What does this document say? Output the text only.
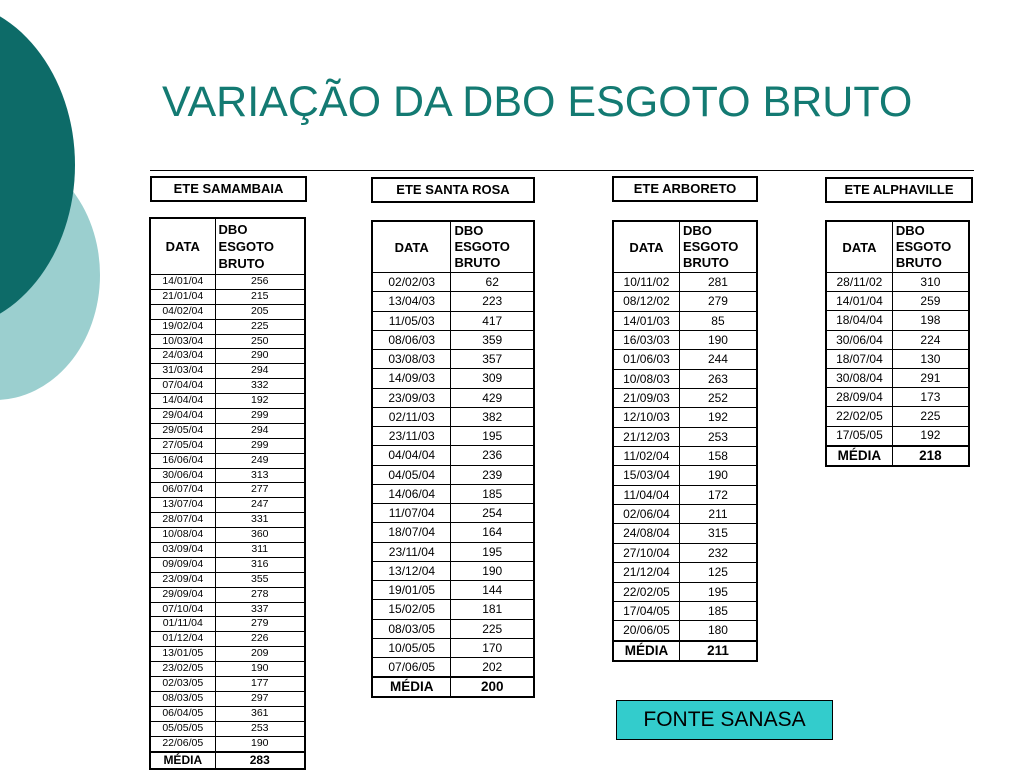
VARIAÇÃO DA DBO ESGOTO BRUTO
ETE SAMAMBAIA
DATA	DBO
ESGOTO
BRUTO

14/01/04	256
21/01/04	215
04/02/04	205
19/02/04	225
10/03/04	250
24/03/04	290
31/03/04	294
07/04/04	332
14/04/04	192
29/04/04	299
29/05/04	294
27/05/04	299
16/06/04	249
30/06/04	313
06/07/04	277
13/07/04	247
28/07/04	331
10/08/04	360
03/09/04	311
09/09/04	316
23/09/04	355
29/09/04	278
07/10/04	337
01/11/04	279
01/12/04	226
13/01/05	209
23/02/05	190
02/03/05	177
08/03/05	297
06/04/05	361
05/05/05	253
22/06/05	190
MÉDIA	283
ETE SANTA ROSA
DATA	DBO
ESGOTO
BRUTO

02/02/03	62
13/04/03	223
11/05/03	417
08/06/03	359
03/08/03	357
14/09/03	309
23/09/03	429
02/11/03	382
23/11/03	195
04/04/04	236
04/05/04	239
14/06/04	185
11/07/04	254
18/07/04	164
23/11/04	195
13/12/04	190
19/01/05	144
15/02/05	181
08/03/05	225
10/05/05	170
07/06/05	202
MÉDIA	200
ETE ARBORETO
DATA	DBO
ESGOTO
BRUTO

10/11/02	281
08/12/02	279
14/01/03	85
16/03/03	190
01/06/03	244
10/08/03	263
21/09/03	252
12/10/03	192
21/12/03	253
11/02/04	158
15/03/04	190
11/04/04	172
02/06/04	211
24/08/04	315
27/10/04	232
21/12/04	125
22/02/05	195
17/04/05	185
20/06/05	180
MÉDIA	211
ETE ALPHAVILLE
DATA	DBO
ESGOTO
BRUTO

28/11/02	310
14/01/04	259
18/04/04	198
30/06/04	224
18/07/04	130
30/08/04	291
28/09/04	173
22/02/05	225
17/05/05	192
MÉDIA	218
FONTE SANASA
